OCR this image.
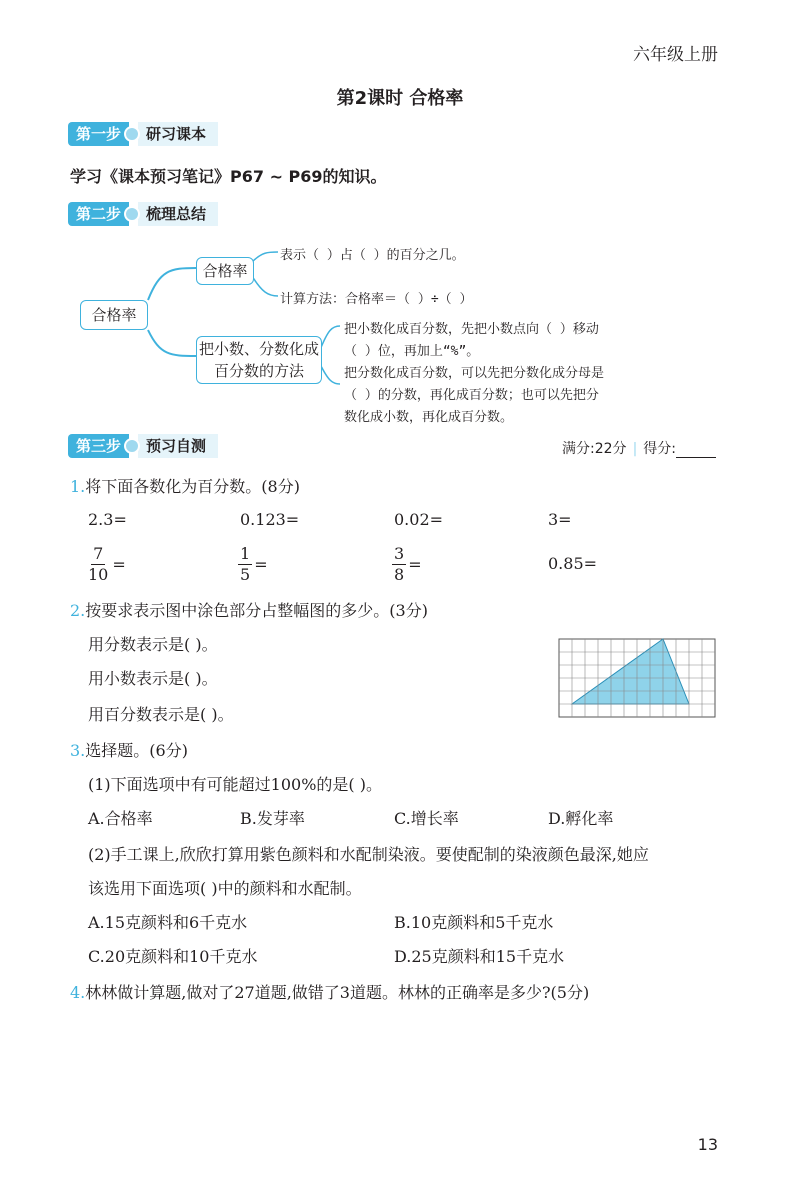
六年级上册
第2课时 合格率
第一步	研习课本
学习《课本预习笔记》P67 ~ P69的知识。
第二步	梳理总结
合格率
合格率
把小数、分数化成百分数的方法
表示（ ）占（ ）的百分之几。
计算方法：合格率＝（ ）÷（ ）
把小数化成百分数，先把小数点向（ ）移动
（ ）位，再加上“%”。
把分数化成百分数，可以先把分数化成分母是
（ ）的分数，再化成百分数；也可以先把分
数化成小数，再化成百分数。
第三步	预习自测	满分:22分 | 得分:
1.将下面各数化为百分数。(8分)
2.3=	0.123=	0.02=	3=
$\frac{7}{10}$ =	$\frac{1}{5}$ =	$\frac{3}{8}$ =	0.85=
2.按要求表示图中涂色部分占整幅图的多少。(3分)
用分数表示是( )。
用小数表示是( )。
用百分数表示是( )。
3.选择题。(6分)
(1)下面选项中有可能超过100%的是( )。
A.合格率	B.发芽率	C.增长率	D.孵化率
(2)手工课上,欣欣打算用紫色颜料和水配制染液。要使配制的染液颜色最深,她应
该选用下面选项( )中的颜料和水配制。
A.15克颜料和6千克水	B.10克颜料和5千克水
C.20克颜料和10千克水	D.25克颜料和15千克水
4.林林做计算题,做对了27道题,做错了3道题。林林的正确率是多少?(5分)
13
